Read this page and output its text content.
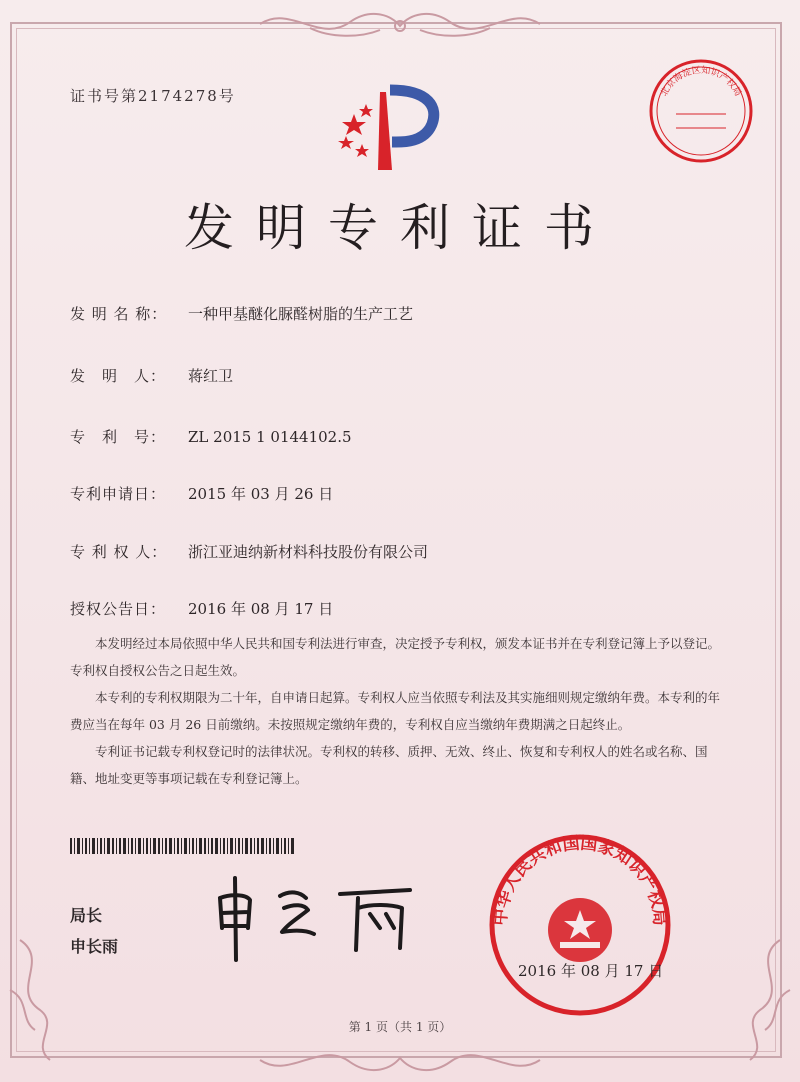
北京海淀区知识产权局
证书号第2174278号
发明专利证书
发 明 名 称： 一种甲基醚化脲醛树脂的生产工艺
发　明　人： 蒋红卫
专　利　号： ZL 2015 1 0144102.5
专利申请日： 2015 年 03 月 26 日
专 利 权 人： 浙江亚迪纳新材料科技股份有限公司
授权公告日： 2016 年 08 月 17 日

本发明经过本局依照中华人民共和国专利法进行审查，决定授予专利权，颁发本证书并在专利登记簿上予以登记。专利权自授权公告之日起生效。

本专利的专利权期限为二十年，自申请日起算。专利权人应当依照专利法及其实施细则规定缴纳年费。本专利的年费应当在每年 03 月 26 日前缴纳。未按照规定缴纳年费的，专利权自应当缴纳年费期满之日起终止。

专利证书记载专利权登记时的法律状况。专利权的转移、质押、无效、终止、恢复和专利权人的姓名或名称、国籍、地址变更等事项记载在专利登记簿上。

局长
申长雨
中华人民共和国国家知识产权局
2016 年 08 月 17 日
第 1 页（共 1 页）
